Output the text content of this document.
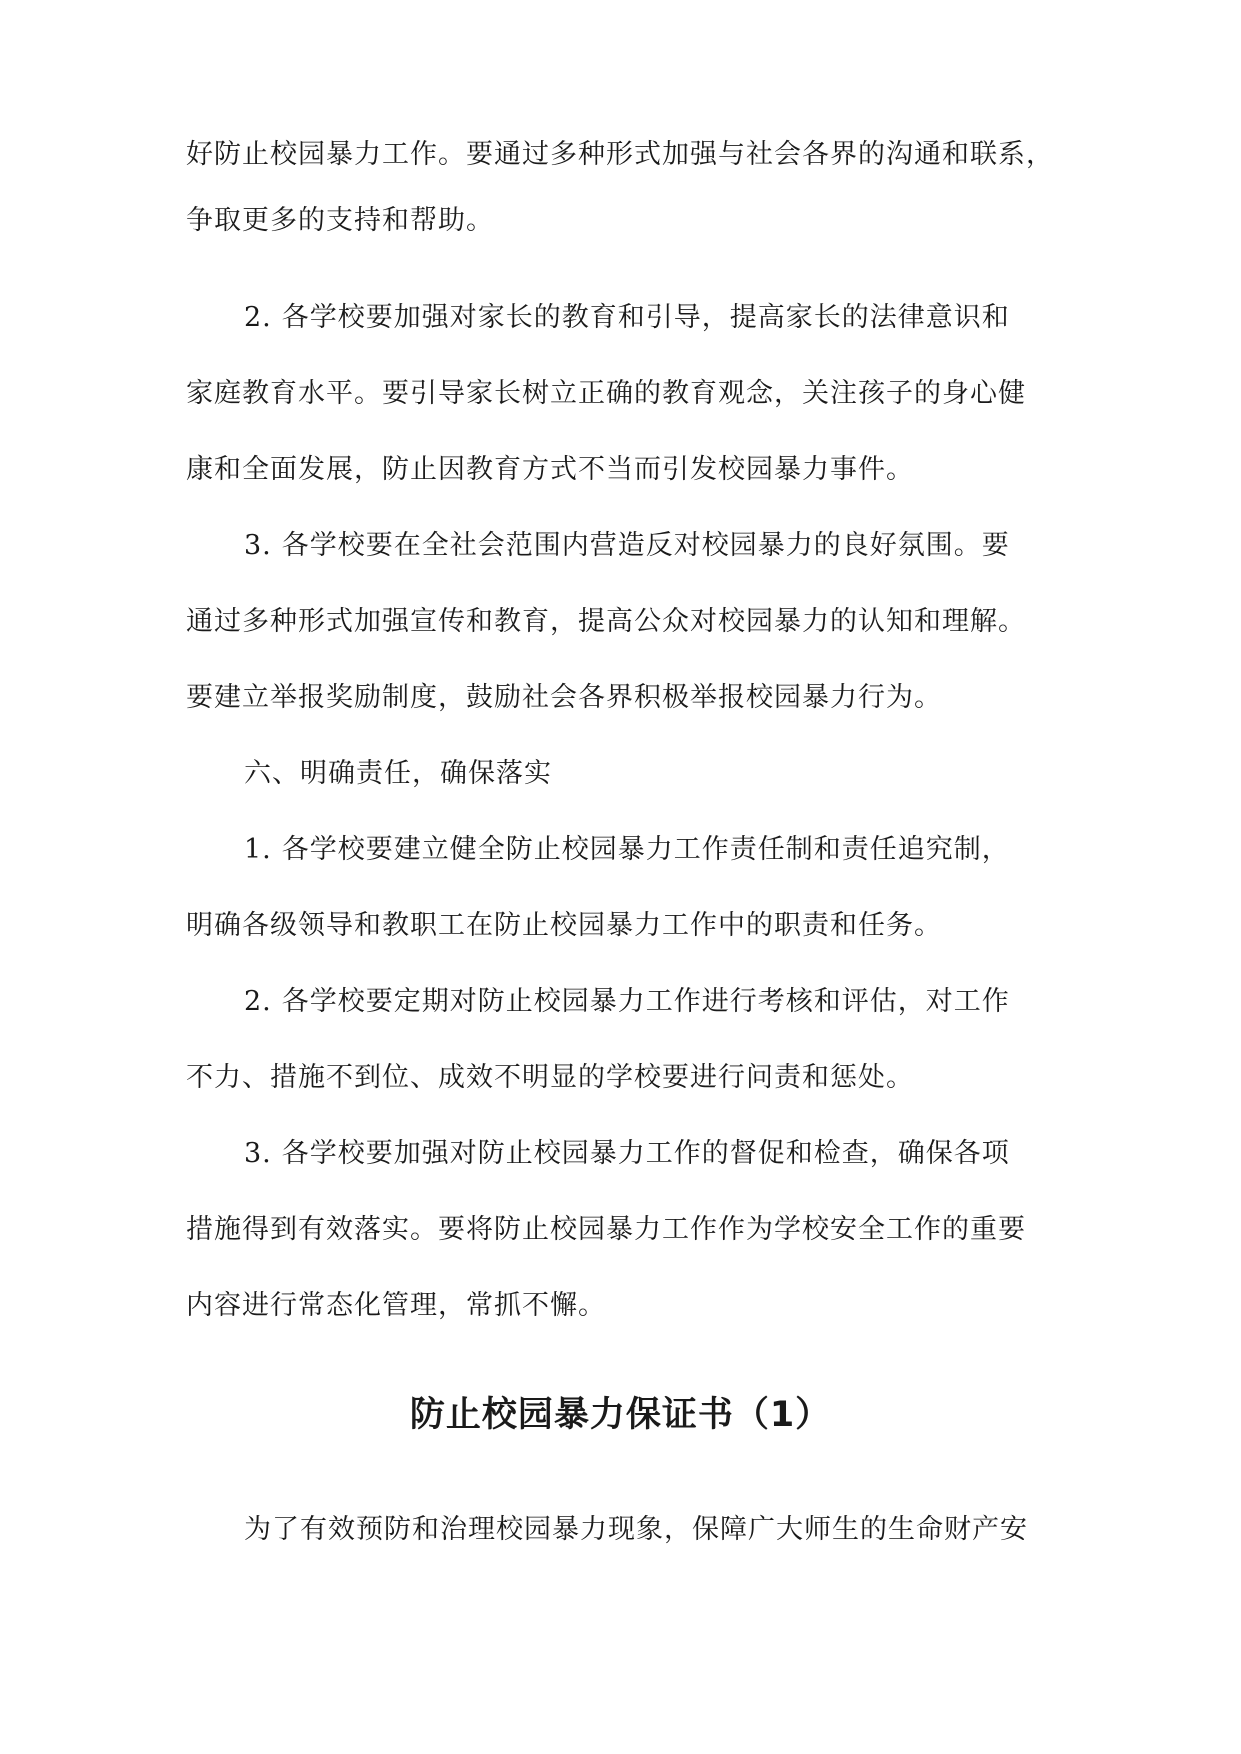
好防止校园暴力工作。要通过多种形式加强与社会各界的沟通和联系，
争取更多的支持和帮助。
2. 各学校要加强对家长的教育和引导，提高家长的法律意识和
家庭教育水平。要引导家长树立正确的教育观念，关注孩子的身心健
康和全面发展，防止因教育方式不当而引发校园暴力事件。
3. 各学校要在全社会范围内营造反对校园暴力的良好氛围。要
通过多种形式加强宣传和教育，提高公众对校园暴力的认知和理解。
要建立举报奖励制度，鼓励社会各界积极举报校园暴力行为。
六、明确责任，确保落实
1. 各学校要建立健全防止校园暴力工作责任制和责任追究制，
明确各级领导和教职工在防止校园暴力工作中的职责和任务。
2. 各学校要定期对防止校园暴力工作进行考核和评估，对工作
不力、措施不到位、成效不明显的学校要进行问责和惩处。
3. 各学校要加强对防止校园暴力工作的督促和检查，确保各项
措施得到有效落实。要将防止校园暴力工作作为学校安全工作的重要
内容进行常态化管理，常抓不懈。
防止校园暴力保证书（1）
为了有效预防和治理校园暴力现象，保障广大师生的生命财产安
